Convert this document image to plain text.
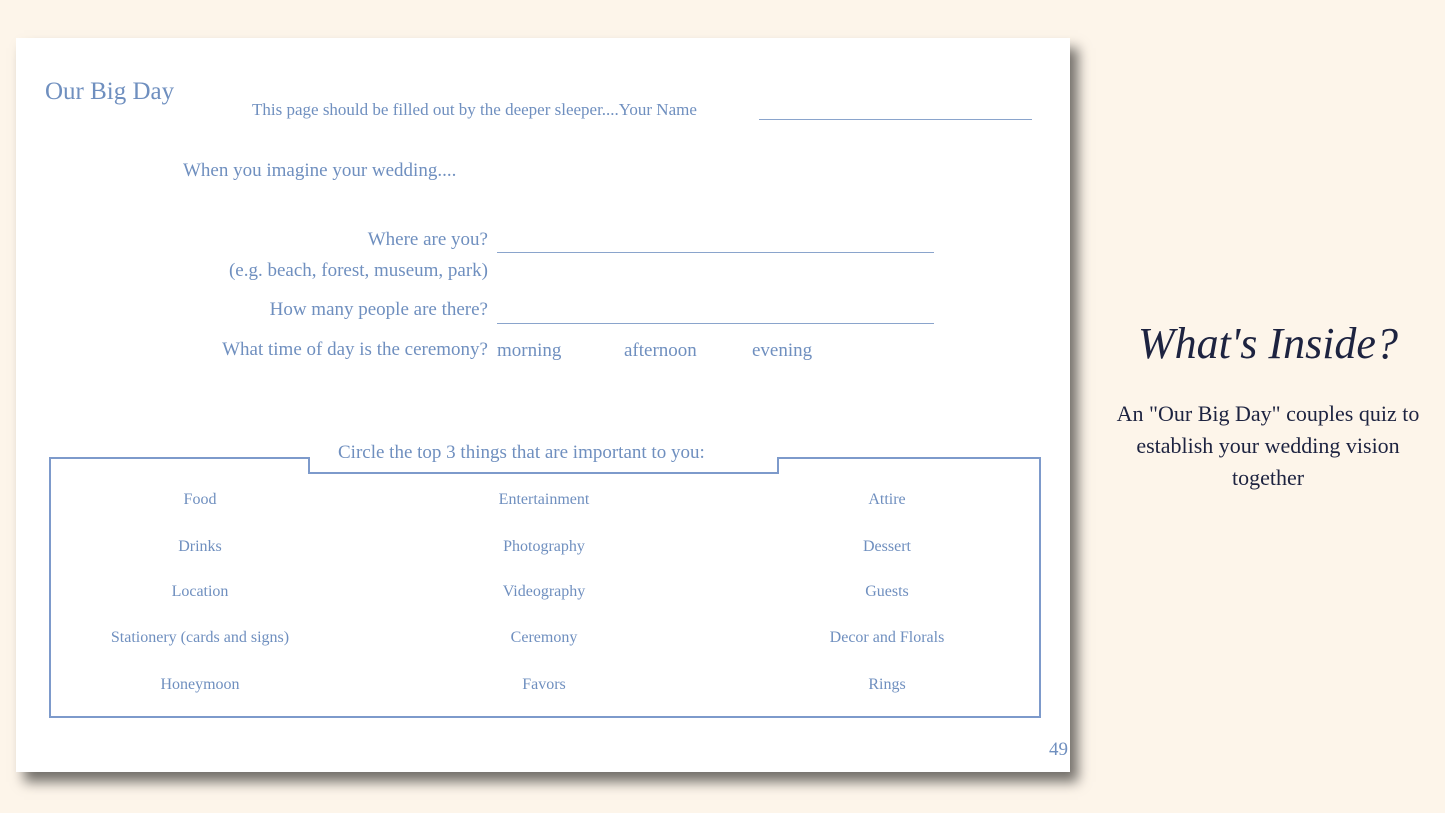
Our Big Day
This page should be filled out by the deeper sleeper....Your Name
When you imagine your wedding....
Where are you?
(e.g. beach, forest, museum, park)
How many people are there?
What time of day is the ceremony? morning	afternoon	evening
Circle the top 3 things that are important to you:
Food	Entertainment	Attire
Drinks	Photography	Dessert
Location	Videography	Guests
Stationery (cards and signs)	Ceremony	Decor and Florals
Honeymoon	Favors	Rings
49
What's Inside?
An "Our Big Day" couples quiz to establish your wedding vision together
